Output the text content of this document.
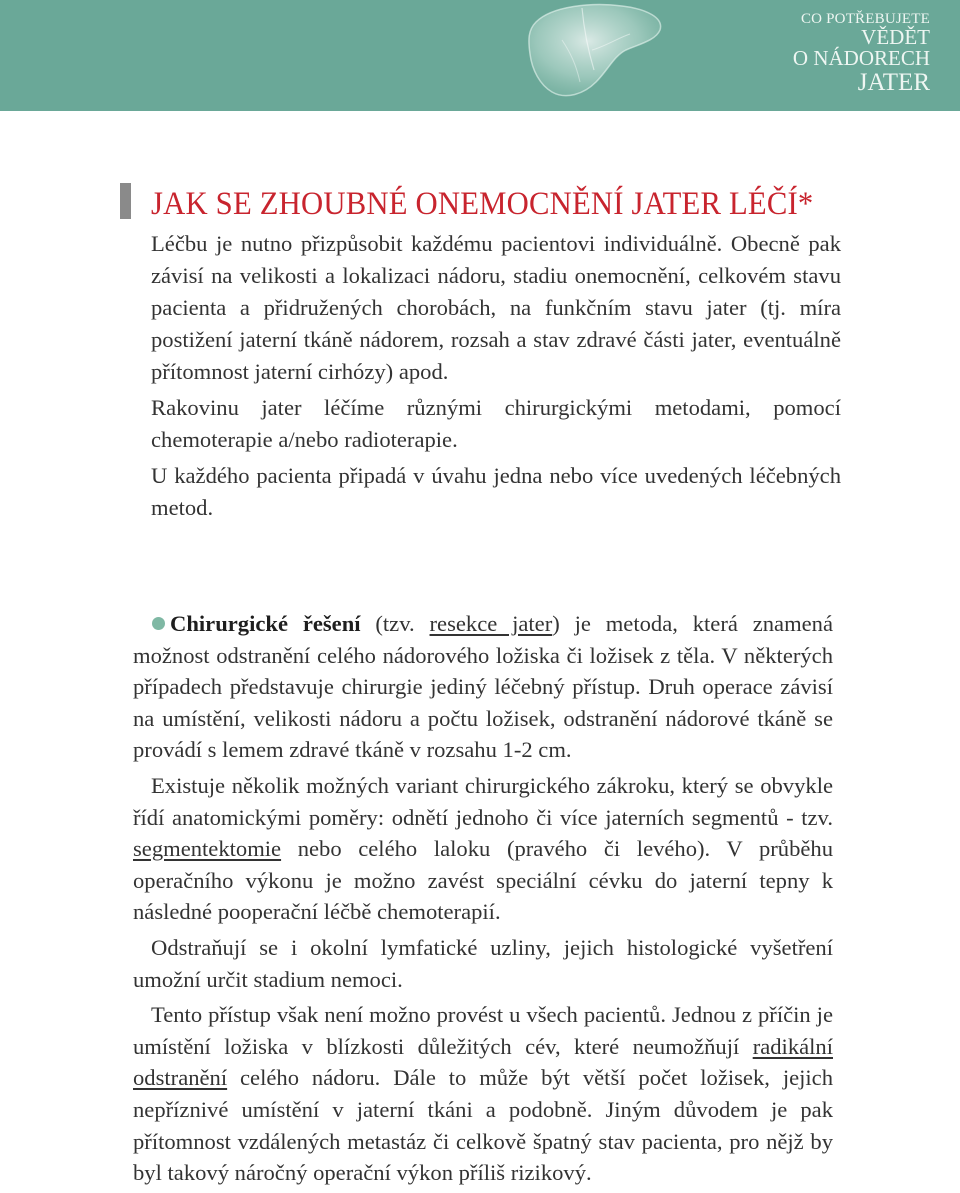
CO POTŘEBUJETE
VĚDĚT
O NÁDORECH
JATER
JAK SE ZHOUBNÉ ONEMOCNĚNÍ JATER LÉČÍ*

Léčbu je nutno přizpůsobit každému pacientovi individuálně. Obecně pak závisí na velikosti a lokalizaci nádoru, stadiu onemocnění, celkovém stavu pacienta a přidružených chorobách, na funkčním stavu jater (tj. míra postižení jaterní tkáně nádorem, rozsah a stav zdravé části jater, eventuálně přítomnost jaterní cirhózy) apod.

Rakovinu jater léčíme různými chirurgickými metodami, pomocí chemoterapie a/nebo radioterapie.

U každého pacienta připadá v úvahu jedna nebo více uvedených léčebných metod.

Chirurgické řešení (tzv. resekce jater) je metoda, která znamená možnost odstranění celého nádorového ložiska či ložisek z těla. V některých případech představuje chirurgie jediný léčebný přístup. Druh operace závisí na umístění, velikosti nádoru a počtu ložisek, odstranění nádorové tkáně se provádí s lemem zdravé tkáně v rozsahu 1-2 cm.

Existuje několik možných variant chirurgického zákroku, který se obvykle řídí anatomickými poměry: odnětí jednoho či více jaterních segmentů - tzv. segmentektomie nebo celého laloku (pravého či levého). V průběhu operačního výkonu je možno zavést speciální cévku do jaterní tepny k následné pooperační léčbě chemoterapií.

Odstraňují se i okolní lymfatické uzliny, jejich histologické vyšetření umožní určit stadium nemoci.

Tento přístup však není možno provést u všech pacientů. Jednou z příčin je umístění ložiska v blízkosti důležitých cév, které neumožňují radikální odstranění celého nádoru. Dále to může být větší počet ložisek, jejich nepříznivé umístění v jaterní tkáni a podobně. Jiným důvodem je pak přítomnost vzdálených metastáz či celkově špatný stav pacienta, pro nějž by byl takový náročný operační výkon příliš rizikový.
